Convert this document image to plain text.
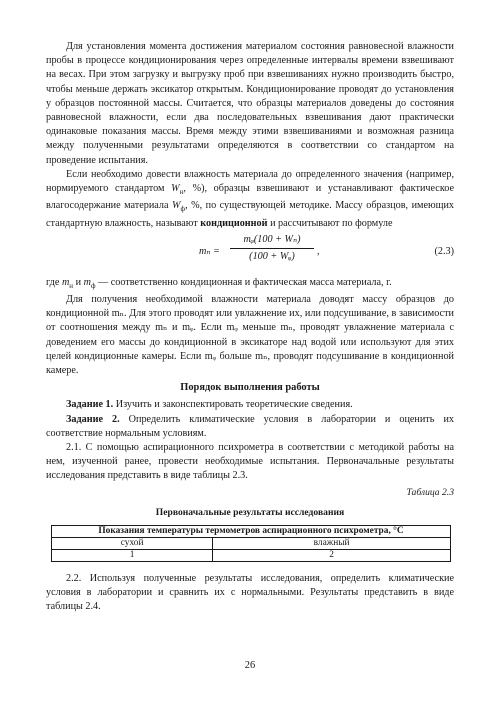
Для установления момента достижения материалом состояния равновесной влажности пробы в процессе кондиционирования через определенные интервалы времени взвешивают на весах. При этом загрузку и выгрузку проб при взвешиваниях нужно производить быстро, чтобы меньше держать эксикатор открытым. Кондиционирование проводят до установления у образцов постоянной массы. Считается, что образцы материалов доведены до состояния равновесной влажности, если два последовательных взвешивания дают практически одинаковые показания массы. Время между этими взвешиваниями и возможная разница между полученными результатами определяются в соответствии со стандартом на проведение испытания.

Если необходимо довести влажность материала до определенного значения (например, нормируемого стандартом $W_н$, %), образцы взвешивают и устанавливают фактическое влагосодержание материала $W_ф$, %, по существующей методике. Массу образцов, имеющих стандартную влажность, называют кондиционной и рассчитывают по формуле

$m_n = \frac{\text{mᵩ(100 + Wₙ)}}{\text{(100 + Wᵩ)}}$ ,	(2.3)

где $m_н$ и $m_ф$ — соответственно кондиционная и фактическая масса материала, г.

Для получения необходимой влажности материала доводят массу образцов до кондиционной mₙ. Для этого проводят или увлажнение их, или подсушивание, в зависимости от соотношения между mₙ и mᵩ. Если mᵩ меньше mₙ, проводят увлажнение материала с доведением его массы до кондиционной в эксикаторе над водой или используют для этих целей кондиционные камеры. Если mᵩ больше mₙ, проводят подсушивание в кондиционной камере.

Порядок выполнения работы

Задание 1. Изучить и законспектировать теоретические сведения.

Задание 2. Определить климатические условия в лаборатории и оценить их соответствие нормальным условиям.

2.1. С помощью аспирационного психрометра в соответствии с методикой работы на нем, изученной ранее, провести необходимые испытания. Первоначальные результаты исследования представить в виде таблицы 2.3.

Таблица 2.3
Первоначальные результаты исследования
Показания температуры термометров аспирационного психрометра, °С	
сухой	влажный
1	2

2.2. Используя полученные результаты исследования, определить климатические условия в лаборатории и сравнить их с нормальными. Результаты представить в виде таблицы 2.4.

26
